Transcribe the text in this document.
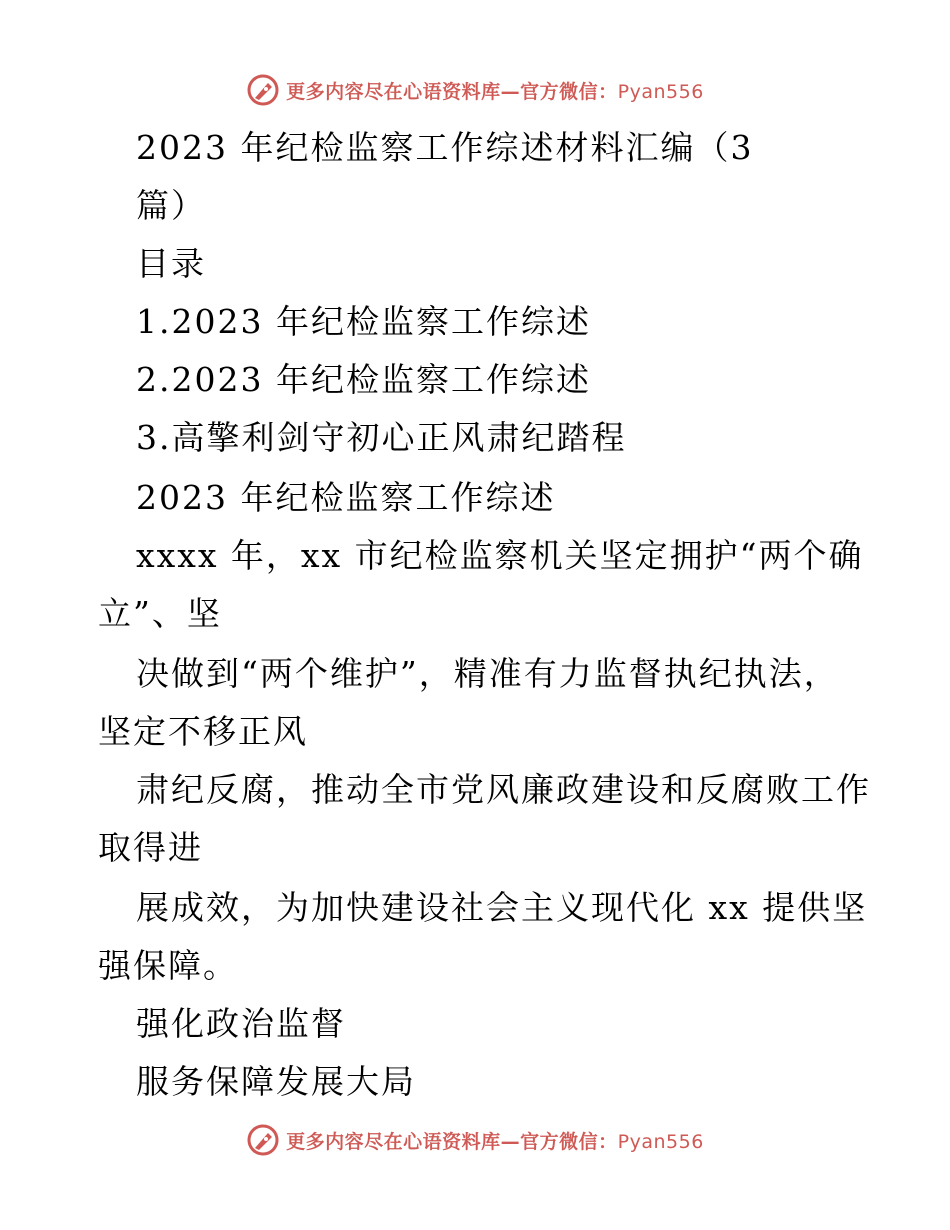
更多内容尽在心语资料库—官方微信：Pyan556
2023 年纪检监察工作综述材料汇编（3
篇）
目录
1.2023 年纪检监察工作综述
2.2023 年纪检监察工作综述
3.高擎利剑守初心正风肃纪踏程
2023 年纪检监察工作综述
xxxx 年，xx 市纪检监察机关坚定拥护“两个确
立”、坚
决做到“两个维护”，精准有力监督执纪执法，
坚定不移正风
肃纪反腐，推动全市党风廉政建设和反腐败工作
取得进
展成效，为加快建设社会主义现代化 xx 提供坚
强保障。
强化政治监督
服务保障发展大局
更多内容尽在心语资料库—官方微信：Pyan556
